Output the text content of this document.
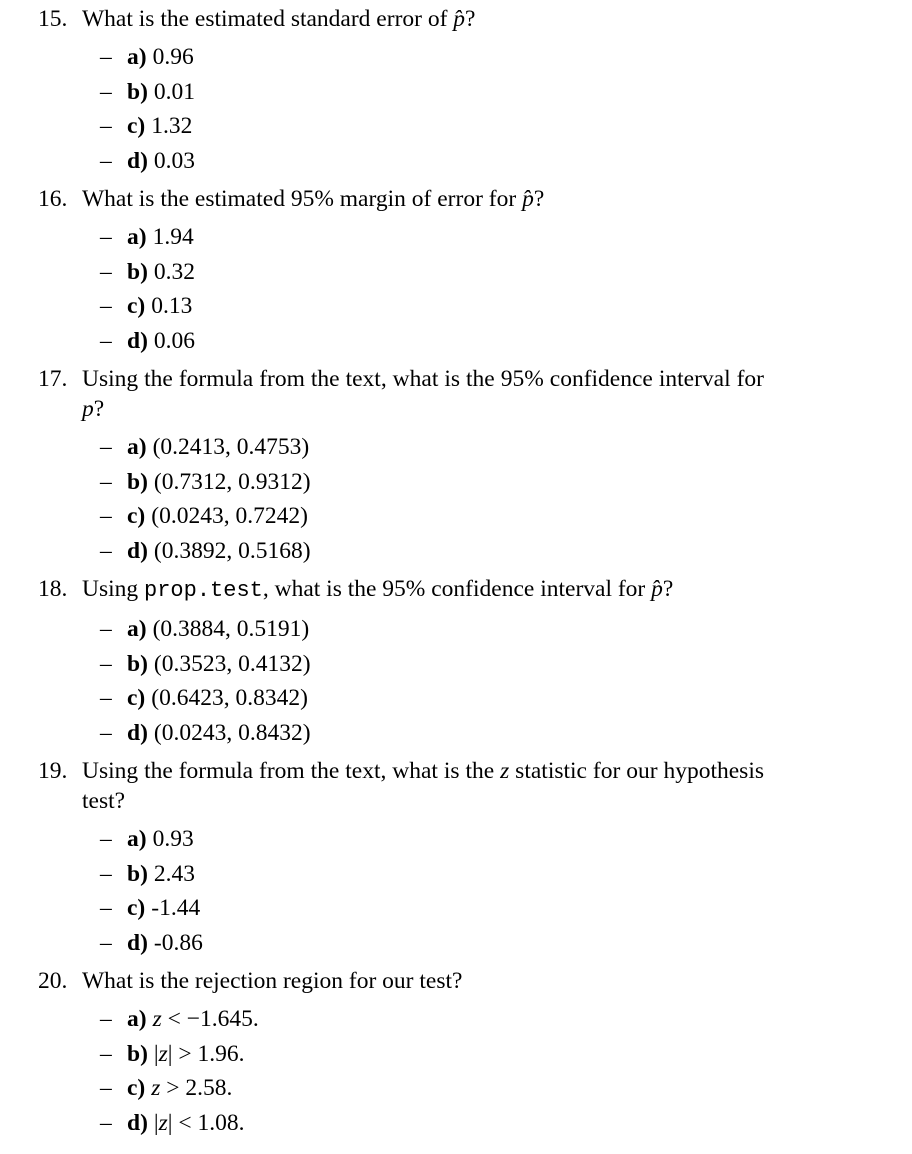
15. What is the estimated standard error of p̂?
– a) 0.96
– b) 0.01
– c) 1.32
– d) 0.03
16. What is the estimated 95% margin of error for p̂?
– a) 1.94
– b) 0.32
– c) 0.13
– d) 0.06
17. Using the formula from the text, what is the 95% confidence interval for p?
– a) (0.2413, 0.4753)
– b) (0.7312, 0.9312)
– c) (0.0243, 0.7242)
– d) (0.3892, 0.5168)
18. Using prop.test, what is the 95% confidence interval for p̂?
– a) (0.3884, 0.5191)
– b) (0.3523, 0.4132)
– c) (0.6423, 0.8342)
– d) (0.0243, 0.8432)
19. Using the formula from the text, what is the z statistic for our hypothesis test?
– a) 0.93
– b) 2.43
– c) -1.44
– d) -0.86
20. What is the rejection region for our test?
– a) z < −1.645.
– b) |z| > 1.96.
– c) z > 2.58.
– d) |z| < 1.08.
